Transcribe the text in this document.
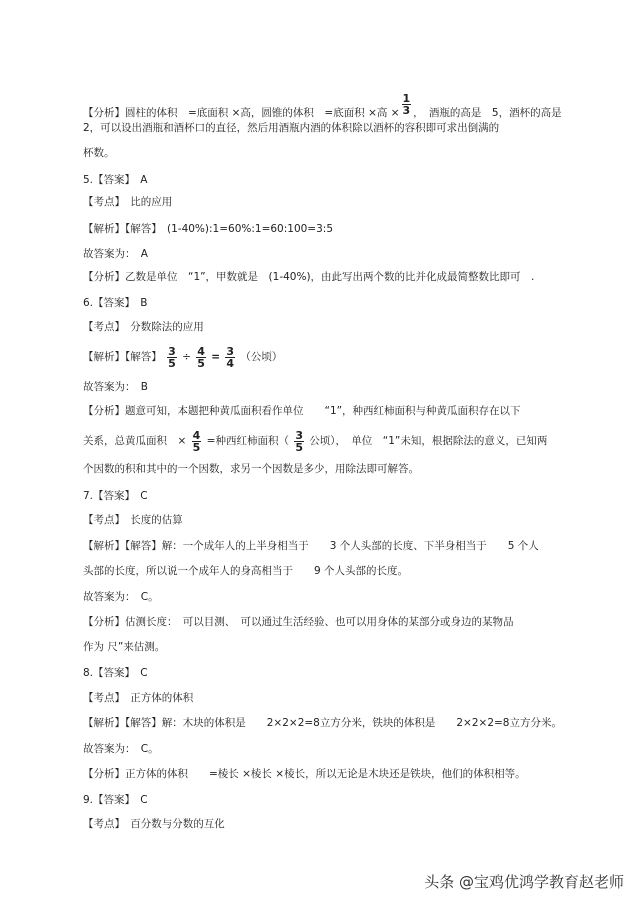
【分析】圆柱的体积　=底面积 ×高，圆锥的体积　=底面积 ×高 × $\frac{1}{3}$ ，　酒瓶的高是　5，酒杯的高是
2，可以设出酒瓶和酒杯口的直径，然后用酒瓶内酒的体积除以酒杯的容积即可求出倒满的
杯数。
5.【答案】　A
【考点】　比的应用
【解析】【解答】　(1-40%):1=60%:1=60:100=3:5
故答案为：　A
【分析】乙数是单位　“1”，甲数就是　(1-40%)，由此写出两个数的比并化成最简整数比即可　.
6.【答案】　B
【考点】　分数除法的应用
【解析】【解答】 $\frac{3}{5} \div \frac{4}{5} = \frac{3}{4}$ （公顷）
故答案为：　B
【分析】题意可知，本题把种黄瓜面积看作单位　　“1”，种西红柿面积与种黄瓜面积存在以下
关系，总黄瓜面积　× $\frac{4}{5}$ =种西红柿面积（ $\frac{3}{5}$ 公顷），　单位　“1”未知，根据除法的意义，已知两
个因数的积和其中的一个因数，求另一个因数是多少，用除法即可解答。
7.【答案】　C
【考点】　长度的估算
【解析】【解答】解：一个成年人的上半身相当于　　3 个人头部的长度、下半身相当于　　5 个人
头部的长度，所以说一个成年人的身高相当于　　9 个人头部的长度。
故答案为：　C。
【分析】估测长度：　可以目测、　可以通过生活经验、也可以用身体的某部分或身边的某物品
作为 尺”来估测。
8.【答案】　C
【考点】　正方体的体积
【解析】【解答】解：木块的体积是　　2×2×2=8立方分米，铁块的体积是　　2×2×2=8立方分米。
故答案为：　C。
【分析】正方体的体积　　=棱长 ×棱长 ×棱长，所以无论是木块还是铁块，他们的体积相等。
9.【答案】　C
【考点】　百分数与分数的互化
头条 @宝鸡优鸿学教育赵老师
